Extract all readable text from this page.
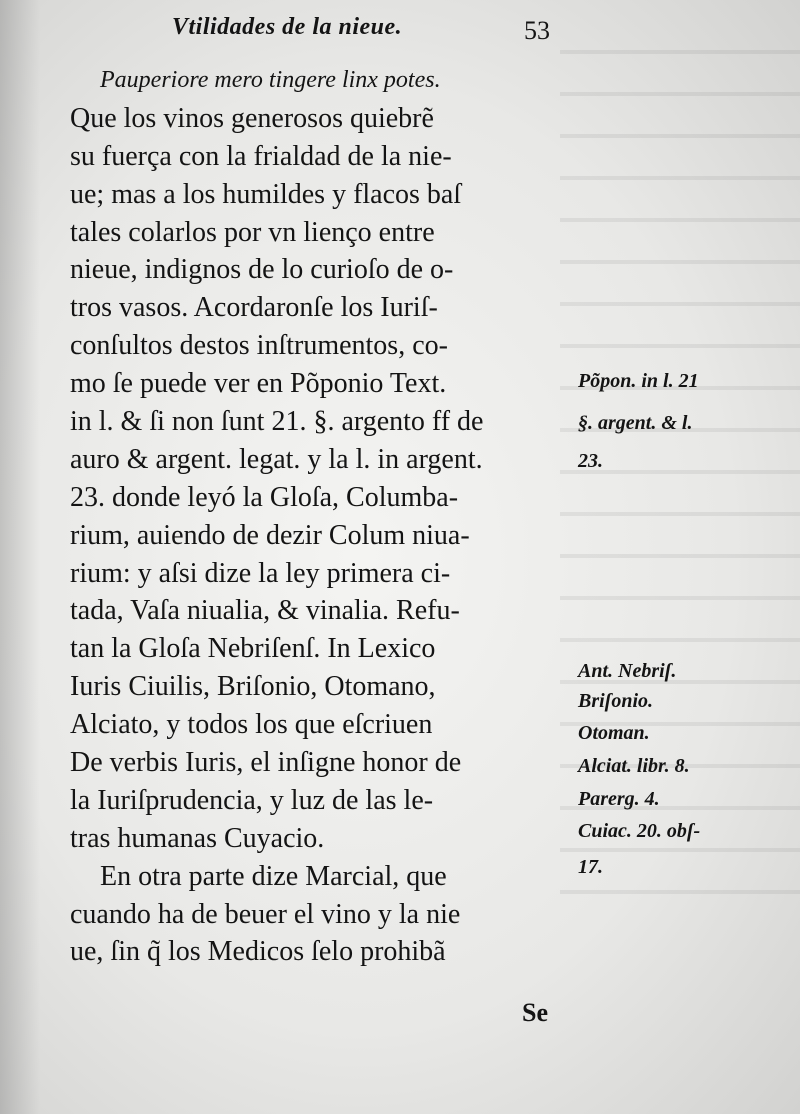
Vtilidades de la nieue.	53
Pauperiore mero tingere linx potes.
Que los vinos generosos quiebrẽ
su fuerça con la frialdad de la nie-
ue; mas a los humildes y flacos baſ
tales colarlos por vn lienço entre
nieue, indignos de lo curioſo de o-
tros vasos. Acordaronſe los Iuriſ-
conſultos destos inſtrumentos, co-
mo ſe puede ver en Põponio Text.
in l. & ſi non ſunt 21. §. argento ff de
auro & argent. legat. y la l. in argent.
23. donde leyó la Gloſa, Columba-
rium, auiendo de dezir Colum niua-
rium: y aſsi dize la ley primera ci-
tada, Vaſa niualia, & vinalia. Refu-
tan la Gloſa Nebriſenſ. In Lexico
Iuris Ciuilis, Briſonio, Otomano,
Alciato, y todos los que eſcriuen
De verbis Iuris, el inſigne honor de
la Iuriſprudencia, y luz de las le-
tras humanas Cuyacio.
En otra parte dize Marcial, que
cuando ha de beuer el vino y la nie
ue, ſin q̃ los Medicos ſelo prohibã
Se
Põpon. in l. 21
§. argent. & l.
23.
Ant. Nebriſ.
Briſonio.
Otoman.
Alciat. libr. 8.
Parerg. 4.
Cuiac. 20. obſ-
17.
